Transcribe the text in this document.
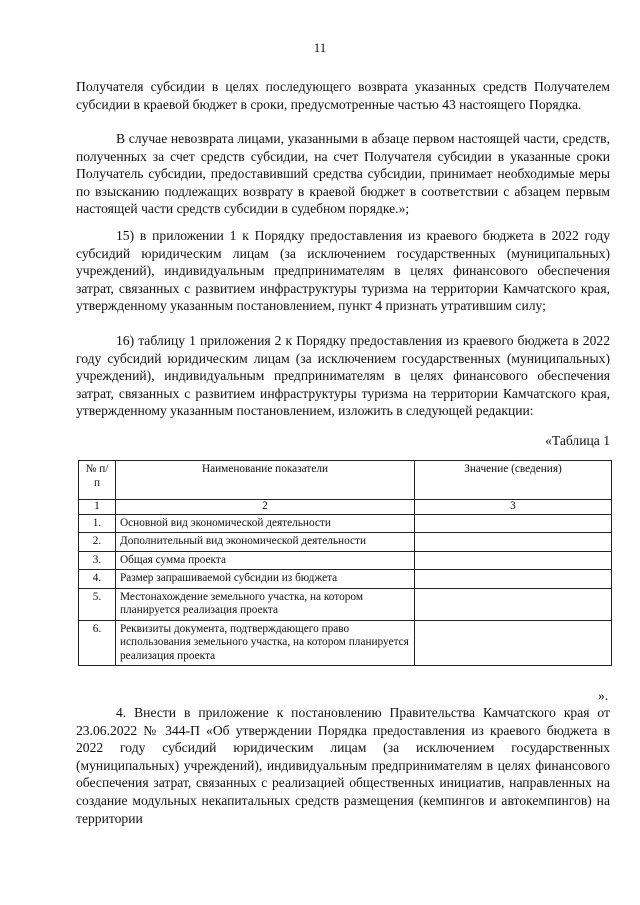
11

Получателя субсидии в целях последующего возврата указанных средств Получателем субсидии в краевой бюджет в сроки, предусмотренные частью 43 настоящего Порядка.

В случае невозврата лицами, указанными в абзаце первом настоящей части, средств, полученных за счет средств субсидии, на счет Получателя субсидии в указанные сроки Получатель субсидии, предоставивший средства субсидии, принимает необходимые меры по взысканию подлежащих возврату в краевой бюджет в соответствии с абзацем первым настоящей части средств субсидии в судебном порядке.»;

15) в приложении 1 к Порядку предоставления из краевого бюджета в 2022 году субсидий юридическим лицам (за исключением государственных (муниципальных) учреждений), индивидуальным предпринимателям в целях финансового обеспечения затрат, связанных с развитием инфраструктуры туризма на территории Камчатского края, утвержденному указанным постановлением, пункт 4 признать утратившим силу;

16) таблицу 1 приложения 2 к Порядку предоставления из краевого бюджета в 2022 году субсидий юридическим лицам (за исключением государственных (муниципальных) учреждений), индивидуальным предпринимателям в целях финансового обеспечения затрат, связанных с развитием инфраструктуры туризма на территории Камчатского края, утвержденному указанным постановлением, изложить в следующей редакции:

«Таблица 1
№ п/п	Наименование показатели	Значение (сведения)
1	2	3
1.	Основной вид экономической деятельности	
2.	Дополнительный вид экономической деятельности	
3.	Общая сумма проекта	
4.	Размер запрашиваемой субсидии из бюджета	
5.	Местонахождение земельного участка, на котором планируется реализация проекта	
6.	Реквизиты документа, подтверждающего право использования земельного участка, на котором планируется реализация проекта	
».

4. Внести в приложение к постановлению Правительства Камчатского края от 23.06.2022 № 344-П «Об утверждении Порядка предоставления из краевого бюджета в 2022 году субсидий юридическим лицам (за исключением государственных (муниципальных) учреждений), индивидуальным предпринимателям в целях финансового обеспечения затрат, связанных с реализацией общественных инициатив, направленных на создание модульных некапитальных средств размещения (кемпингов и автокемпингов) на территории
